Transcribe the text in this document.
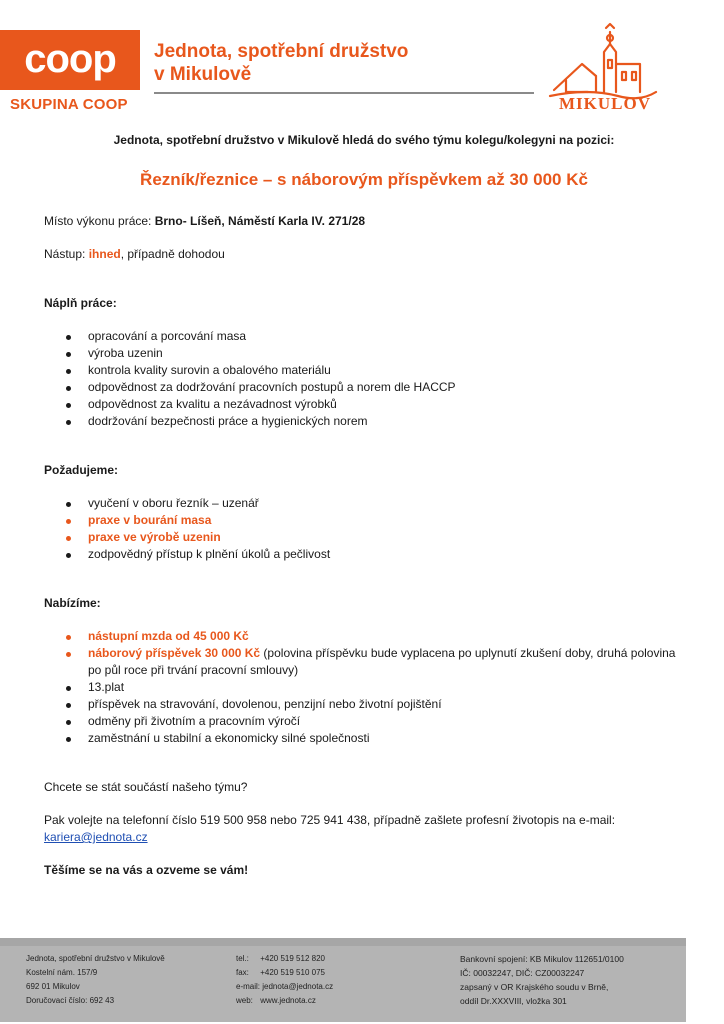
coop
SKUPINA COOP
Jednota, spotřební družstvo
v Mikulově
MIKULOV

Jednota, spotřební družstvo v Mikulově hledá do svého týmu kolegu/kolegyni na pozici:

Řezník/řeznice – s náborovým příspěvkem až 30 000 Kč

Místo výkonu práce: Brno- Líšeň, Náměstí Karla IV. 271/28

Nástup: ihned, případně dohodou

Náplň práce:

opracování a porcování masa
výroba uzenin
kontrola kvality surovin a obalového materiálu
odpovědnost za dodržování pracovních postupů a norem dle HACCP
odpovědnost za kvalitu a nezávadnost výrobků
dodržování bezpečnosti práce a hygienických norem

Požadujeme:

vyučení v oboru řezník – uzenář
praxe v bourání masa
praxe ve výrobě uzenin
zodpovědný přístup k plnění úkolů a pečlivost

Nabízíme:

nástupní mzda od 45 000 Kč
náborový příspěvek 30 000 Kč (polovina příspěvku bude vyplacena po uplynutí zkušení doby, druhá polovina po půl roce při trvání pracovní smlouvy)
13.plat
příspěvek na stravování, dovolenou, penzijní nebo životní pojištění
odměny při životním a pracovním výročí
zaměstnání u stabilní a ekonomicky silné společnosti

Chcete se stát součástí našeho týmu?

Pak volejte na telefonní číslo 519 500 958 nebo 725 941 438, případně zašlete profesní životopis na e-mail:
kariera@jednota.cz

Těšíme se na vás a ozveme se vám!

Jednota, spotřební družstvo v Mikulově
Kostelní nám. 157/9
692 01 Mikulov
Doručovací číslo: 692 43
tel.: +420 519 512 820
fax: +420 519 510 075
e-mail: jednota@jednota.cz
web: www.jednota.cz
Bankovní spojení: KB Mikulov 112651/0100
IČ: 00032247, DIČ: CZ00032247
zapsaný v OR Krajského soudu v Brně,
oddíl Dr.XXXVIII, vložka 301
